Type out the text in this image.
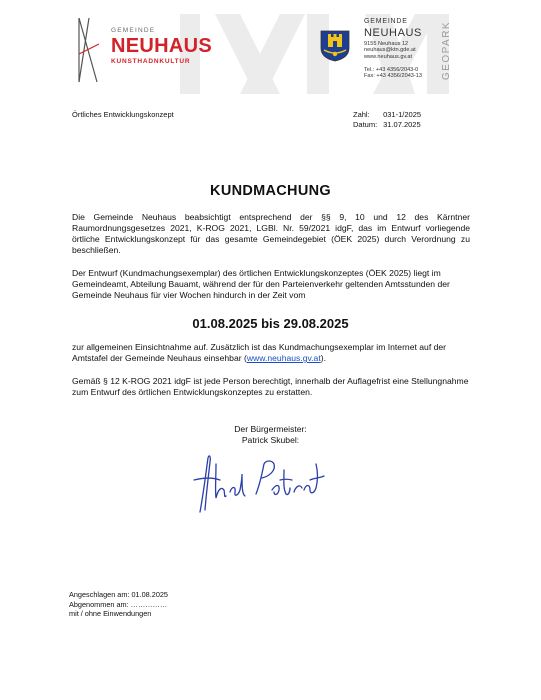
GEMEINDE
NEUHAUS
KUNSTHADNKULTUR
GEMEINDE
NEUHAUS
9155 Neuhaus 12
neuhaus@ktn.gde.at
www.neuhaus.gv.at
Tel.: +43 4356/2043-0
Fax: +43 4356/2043-13 GEOPARK
Örtliches Entwicklungskonzept	Zahl: 031-1/2025
Datum: 31.07.2025
KUNDMACHUNG
Die Gemeinde Neuhaus beabsichtigt entsprechend der §§ 9, 10 und 12 des Kärntner Raumordnungsgesetzes 2021, K-ROG 2021, LGBl. Nr. 59/2021 idgF, das im Entwurf vorliegende örtliche Entwicklungskonzept für das gesamte Gemeindegebiet (ÖEK 2025) durch Verordnung zu beschließen.
Der Entwurf (Kundmachungsexemplar) des örtlichen Entwicklungskonzeptes (ÖEK 2025) liegt im Gemeindeamt, Abteilung Bauamt, während der für den Parteienverkehr geltenden Amtsstunden der Gemeinde Neuhaus für vier Wochen hindurch in der Zeit vom
01.08.2025 bis 29.08.2025
zur allgemeinen Einsichtnahme auf. Zusätzlich ist das Kundmachungsexemplar im Internet auf der Amtstafel der Gemeinde Neuhaus einsehbar (www.neuhaus.gv.at).
Gemäß § 12 K-ROG 2021 idgF ist jede Person berechtigt, innerhalb der Auflagefrist eine Stellungnahme zum Entwurf des örtlichen Entwicklungskonzeptes zu erstatten.
Der Bürgermeister:
Patrick Skubel:
Angeschlagen am: 01.08.2025
Abgenommen am: ……………
mit / ohne Einwendungen
